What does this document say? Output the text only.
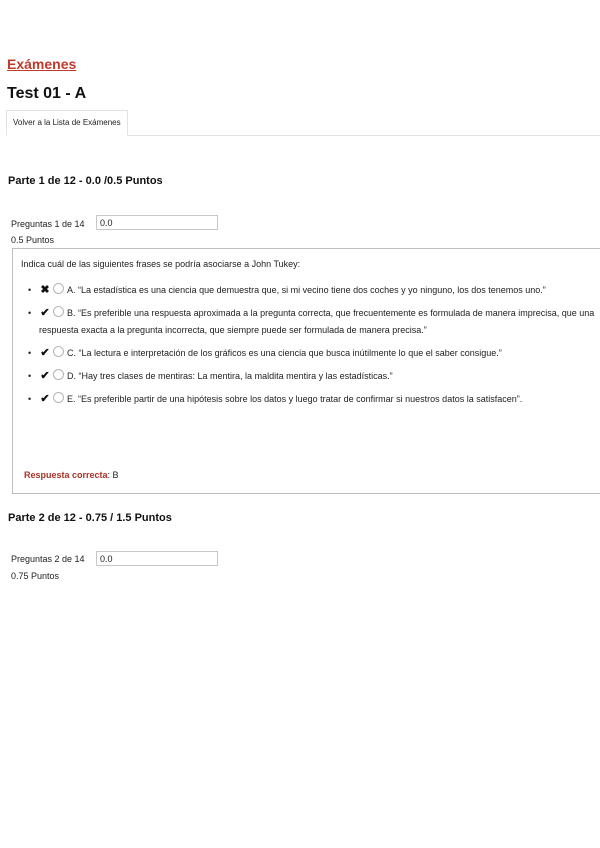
Exámenes
Test 01 - A
Volver a la Lista de Exámenes
Parte 1 de 12 - 0.0 /0.5 Puntos
Preguntas 1 de 14
0.0
0.5 Puntos
Indica cuál de las siguientes frases se podría asociarse a John Tukey:
• ✖ A. “La estadística es una ciencia que demuestra que, si mi vecino tiene dos coches y yo ninguno, los dos tenemos uno.”
• ✔ B. “Es preferible una respuesta aproximada a la pregunta correcta, que frecuentemente es formulada de manera imprecisa, que una respuesta exacta a la pregunta incorrecta, que siempre puede ser formulada de manera precisa.”
• ✔ C. “La lectura e interpretación de los gráficos es una ciencia que busca inútilmente lo que el saber consigue.”
• ✔ D. “Hay tres clases de mentiras: La mentira, la maldita mentira y las estadísticas.”
• ✔ E. “Es preferible partir de una hipótesis sobre los datos y luego tratar de confirmar si nuestros datos la satisfacen”.
Respuesta correcta: B
Parte 2 de 12 - 0.75 / 1.5 Puntos
Preguntas 2 de 14
0.0
0.75 Puntos
